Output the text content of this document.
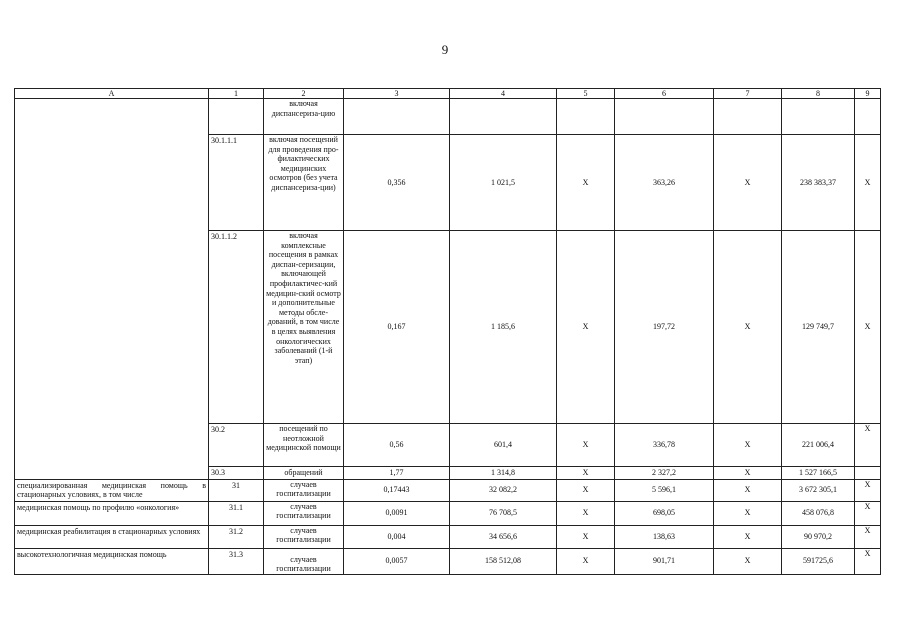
9
А	1	2	3	4	5	6	7	8	9
		включая диспансериза-цию							
	30.1.1.1	включая посещений для проведения про-филактических медицинских осмотров (без учета диспансериза-ции)	0,356	1 021,5	Х	363,26	Х	238 383,37	Х
	30.1.1.2	включая комплексные посещения в рамках диспан-серизации, включающей профилактичес-кий медицин-ский осмотр и дополнительные методы обсле-дований, в том числе в целях выявления онкологических заболеваний (1-й этап)	0,167	1 185,6	Х	197,72	Х	129 749,7	Х
	30.2	посещений по неотложной медицинской помощи	0,56	601,4	Х	336,78	Х	221 006,4	Х
	30.3	обращений	1,77	1 314,8	Х	2 327,2	Х	1 527 166,5	
специализированная медицинская помощь в стационарных условиях, в том числе	31	случаев госпитализации	0,17443	32 082,2	Х	5 596,1	Х	3 672 305,1	Х
медицинская помощь по профилю «онкология»	31.1	случаев госпитализации	0,0091	76 708,5	Х	698,05	Х	458 076,8	Х
медицинская реабилитация в стационарных условиях	31.2	случаев госпитализации	0,004	34 656,6	Х	138,63	Х	90 970,2	Х
высокотехнологичная медицинская помощь	31.3	случаев госпитализации	0,0057	158 512,08	Х	901,71	Х	591725,6	Х
